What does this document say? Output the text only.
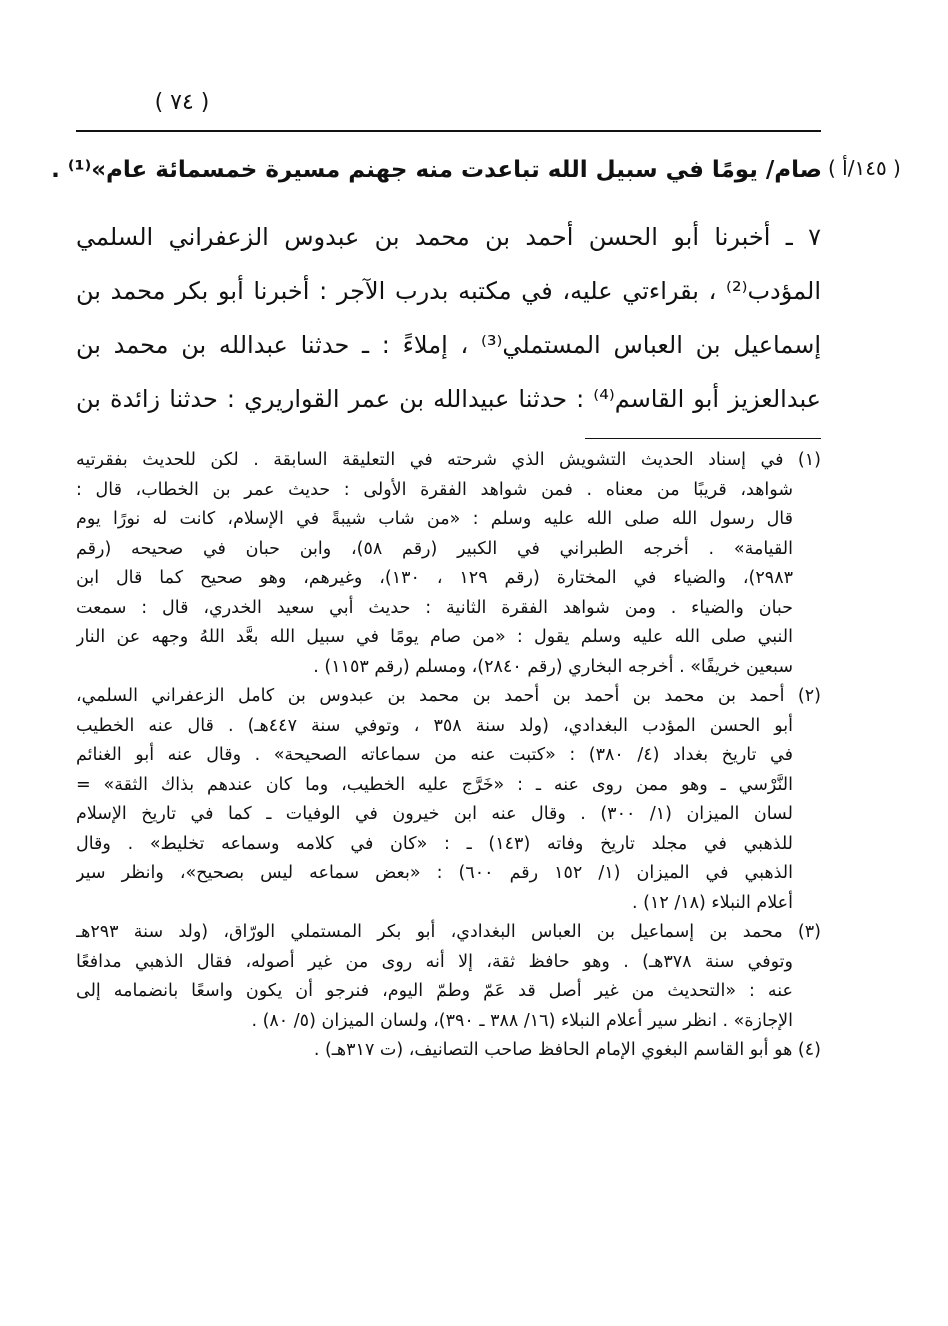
( ٧٤ )
( ١٤٥/أ )
صام/ يومًا في سبيل الله تباعدت منه جهنم مسيرة خمسمائة عام»⁽¹⁾ .
٧ ـ أخبرنا أبو الحسن أحمد بن محمد بن عبدوس الزعفراني السلمي
المؤدب⁽²⁾ ، بقراءتي عليه، في مكتبه بدرب الآجر : أخبرنا أبو بكر محمد بن
إسماعيل بن العباس المستملي⁽³⁾ ، إملاءً : ـ حدثنا عبدالله بن محمد بن
عبدالعزيز أبو القاسم⁽⁴⁾ : حدثنا عبيدالله بن عمر القواريري : حدثنا زائدة بن
(١) في إسناد الحديث التشويش الذي شرحته في التعليقة السابقة . لكن للحديث بفقرتيه
شواهد، قريبًا من معناه . فمن شواهد الفقرة الأولى : حديث عمر بن الخطاب، قال :
قال رسول الله صلى الله عليه وسلم : «من شاب شيبةً في الإسلام، كانت له نورًا يوم
القيامة» . أخرجه الطبراني في الكبير (رقم ٥٨)، وابن حبان في صحيحه (رقم
٢٩٨٣)، والضياء في المختارة (رقم ١٢٩ ، ١٣٠)، وغيرهم، وهو صحيح كما قال ابن
حبان والضياء . ومن شواهد الفقرة الثانية : حديث أبي سعيد الخدري، قال : سمعت
النبي صلى الله عليه وسلم يقول : «من صام يومًا في سبيل الله بعَّد اللهُ وجهه عن النار
سبعين خريفًا» . أخرجه البخاري (رقم ٢٨٤٠)، ومسلم (رقم ١١٥٣) .
(٢) أحمد بن محمد بن أحمد بن أحمد بن محمد بن عبدوس بن كامل الزعفراني السلمي،
أبو الحسن المؤدب البغدادي، (ولد سنة ٣٥٨ ، وتوفي سنة ٤٤٧هـ) . قال عنه الخطيب
في تاريخ بغداد (٤/ ٣٨٠) : «كتبت عنه من سماعاته الصحيحة» . وقال عنه أبو الغنائم
النَّرْسي ـ وهو ممن روى عنه ـ : «خَرَّج عليه الخطيب، وما كان عندهم بذاك الثقة» =
لسان الميزان (١/ ٣٠٠) . وقال عنه ابن خيرون في الوفيات ـ كما في تاريخ الإسلام
للذهبي في مجلد تاريخ وفاته (١٤٣) ـ : «كان في كلامه وسماعه تخليط» . وقال
الذهبي في الميزان (١/ ١٥٢ رقم ٦٠٠) : «بعض سماعه ليس بصحيح»، وانظر سير
أعلام النبلاء (١٨/ ١٢) .
(٣) محمد بن إسماعيل بن العباس البغدادي، أبو بكر المستملي الورّاق، (ولد سنة ٢٩٣هـ
وتوفي سنة ٣٧٨هـ) . وهو حافظ ثقة، إلا أنه روى من غير أصوله، فقال الذهبي مدافعًا
عنه : «التحديث من غير أصل قد عَمّ وطمّ اليوم، فنرجو أن يكون واسعًا بانضمامه إلى
الإجازة» . انظر سير أعلام النبلاء (١٦/ ٣٨٨ ـ ٣٩٠)، ولسان الميزان (٥/ ٨٠) .
(٤) هو أبو القاسم البغوي الإمام الحافظ صاحب التصانيف، (ت ٣١٧هـ) .
